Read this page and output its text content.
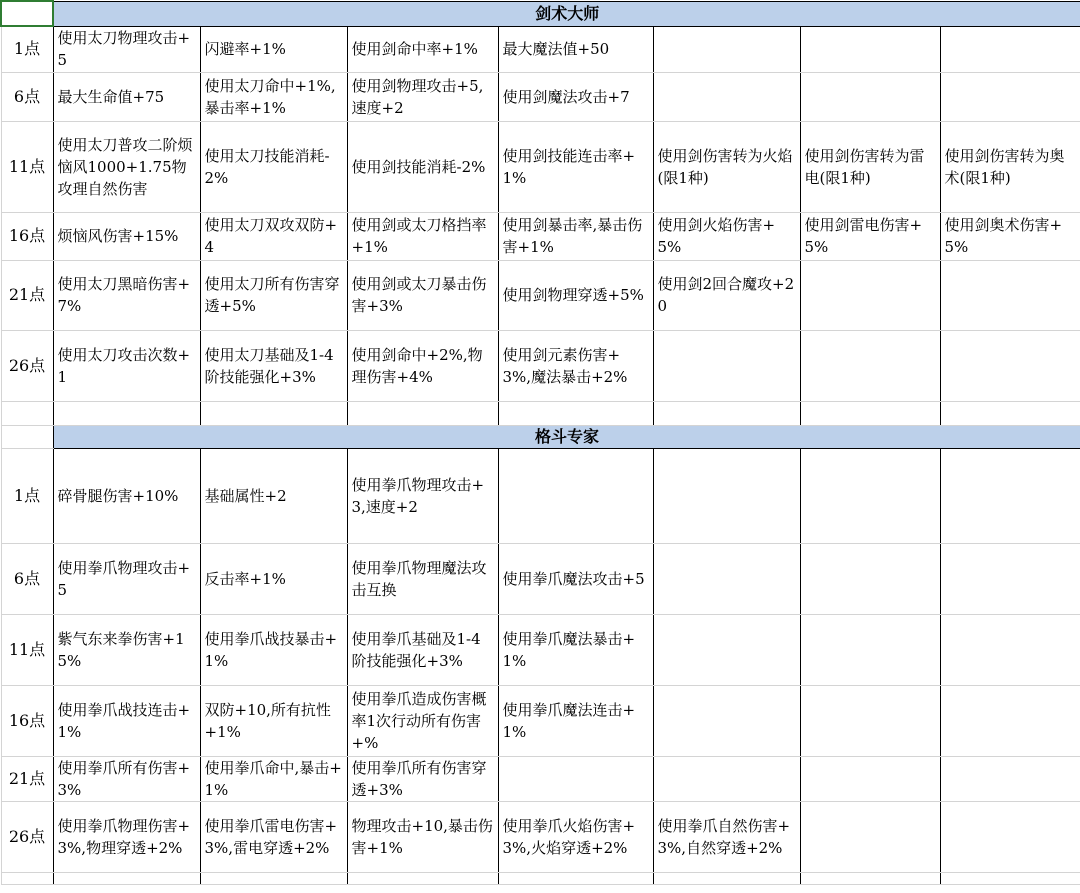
	剑术大师						

1点	使用太刀物理攻击+5	闪避率+1%	使用剑命中率+1%	最大魔法值+50			

6点	最大生命值+75	使用太刀命中+1%,暴击率+1%	使用剑物理攻击+5,速度+2	使用剑魔法攻击+7			

11点	使用太刀普攻二阶烦恼风1000+1.75物攻理自然伤害	使用太刀技能消耗-2%	使用剑技能消耗-2%	使用剑技能连击率+1%	使用剑伤害转为火焰(限1种)	使用剑伤害转为雷电(限1种)	使用剑伤害转为奥术(限1种)

16点	烦恼风伤害+15%	使用太刀双攻双防+4	使用剑或太刀格挡率+1%	使用剑暴击率,暴击伤害+1%	使用剑火焰伤害+5%	使用剑雷电伤害+5%	使用剑奥术伤害+5%

21点	使用太刀黑暗伤害+7%	使用太刀所有伤害穿透+5%	使用剑或太刀暴击伤害+3%	使用剑物理穿透+5%	使用剑2回合魔攻+20		

26点	使用太刀攻击次数+1	使用太刀基础及1-4阶技能强化+3%	使用剑命中+2%,物理伤害+4%	使用剑元素伤害+3%,魔法暴击+2%			

	格斗专家						

1点	碎骨腿伤害+10%	基础属性+2	使用拳爪物理攻击+3,速度+2				

6点	使用拳爪物理攻击+5	反击率+1%	使用拳爪物理魔法攻击互换	使用拳爪魔法攻击+5			

11点	紫气东来拳伤害+15%	使用拳爪战技暴击+1%	使用拳爪基础及1-4阶技能强化+3%	使用拳爪魔法暴击+1%			

16点	使用拳爪战技连击+1%	双防+10,所有抗性+1%	使用拳爪造成伤害概率1次行动所有伤害+%	使用拳爪魔法连击+1%			

21点	使用拳爪所有伤害+3%	使用拳爪命中,暴击+1%	使用拳爪所有伤害穿透+3%				

26点	使用拳爪物理伤害+3%,物理穿透+2%	使用拳爪雷电伤害+3%,雷电穿透+2%	物理攻击+10,暴击伤害+1%	使用拳爪火焰伤害+3%,火焰穿透+2%	使用拳爪自然伤害+3%,自然穿透+2%		
